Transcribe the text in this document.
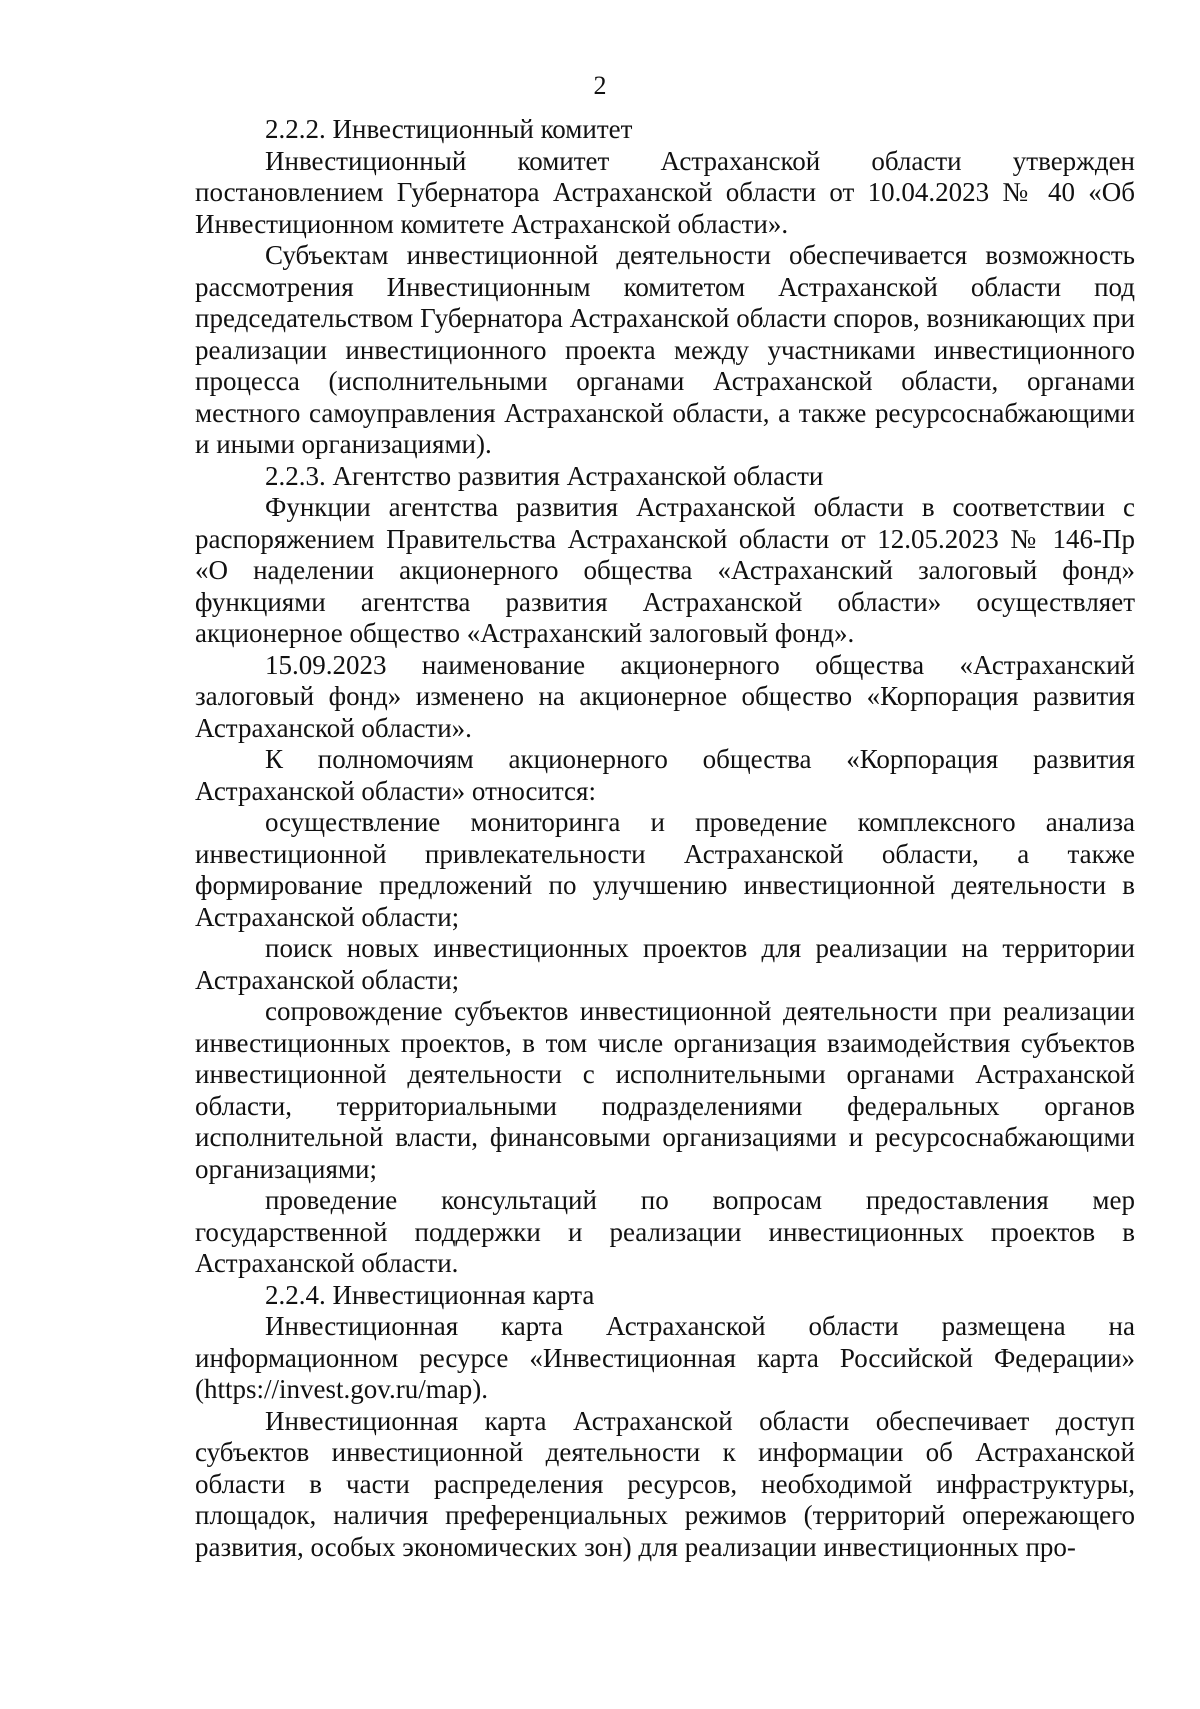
2

2.2.2. Инвестиционный комитет

Инвестиционный комитет Астраханской области утвержден постановлением Губернатора Астраханской области от 10.04.2023 № 40 «Об Инвестиционном комитете Астраханской области».

Субъектам инвестиционной деятельности обеспечивается возможность рассмотрения Инвестиционным комитетом Астраханской области под председательством Губернатора Астраханской области споров, возникающих при реализации инвестиционного проекта между участниками инвестиционного процесса (исполнительными органами Астраханской области, органами местного самоуправления Астраханской области, а также ресурсоснабжающими и иными организациями).

2.2.3. Агентство развития Астраханской области

Функции агентства развития Астраханской области в соответствии с распоряжением Правительства Астраханской области от 12.05.2023 № 146-Пр «О наделении акционерного общества «Астраханский залоговый фонд» функциями агентства развития Астраханской области» осуществляет акционерное общество «Астраханский залоговый фонд».

15.09.2023 наименование акционерного общества «Астраханский залоговый фонд» изменено на акционерное общество «Корпорация развития Астраханской области».

К полномочиям акционерного общества «Корпорация развития Астраханской области» относится:

осуществление мониторинга и проведение комплексного анализа инвестиционной привлекательности Астраханской области, а также формирование предложений по улучшению инвестиционной деятельности в Астраханской области;

поиск новых инвестиционных проектов для реализации на территории Астраханской области;

сопровождение субъектов инвестиционной деятельности при реализации инвестиционных проектов, в том числе организация взаимодействия субъектов инвестиционной деятельности с исполнительными органами Астраханской области, территориальными подразделениями федеральных органов исполнительной власти, финансовыми организациями и ресурсоснабжающими организациями;

проведение консультаций по вопросам предоставления мер государственной поддержки и реализации инвестиционных проектов в Астраханской области.

2.2.4. Инвестиционная карта

Инвестиционная карта Астраханской области размещена на информационном ресурсе «Инвестиционная карта Российской Федерации» (https://invest.gov.ru/map).

Инвестиционная карта Астраханской области обеспечивает доступ субъектов инвестиционной деятельности к информации об Астраханской области в части распределения ресурсов, необходимой инфраструктуры, площадок, наличия преференциальных режимов (территорий опережающего развития, особых экономических зон) для реализации инвестиционных про-
